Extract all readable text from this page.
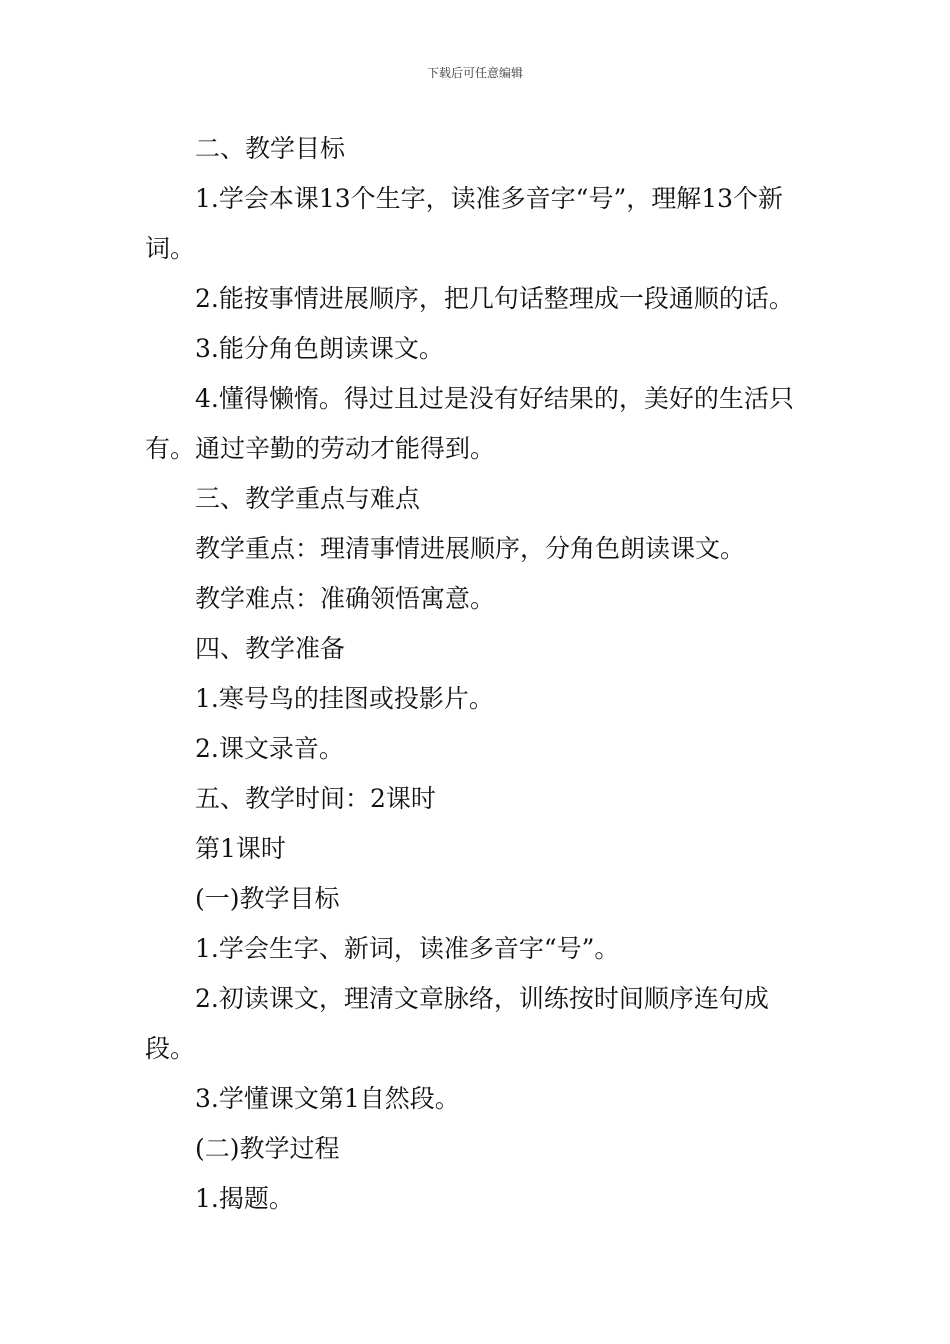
下载后可任意编辑

二、教学目标

1.学会本课13个生字，读准多音字“号”，理解13个新词。

2.能按事情进展顺序，把几句话整理成一段通顺的话。

3.能分角色朗读课文。

4.懂得懒惰。得过且过是没有好结果的，美好的生活只有。通过辛勤的劳动才能得到。

三、教学重点与难点

教学重点：理清事情进展顺序，分角色朗读课文。

教学难点：准确领悟寓意。

四、教学准备

1.寒号鸟的挂图或投影片。

2.课文录音。

五、教学时间：2课时

第1课时

(一)教学目标

1.学会生字、新词，读准多音字“号”。

2.初读课文，理清文章脉络，训练按时间顺序连句成段。

3.学懂课文第1自然段。

(二)教学过程

1.揭题。
